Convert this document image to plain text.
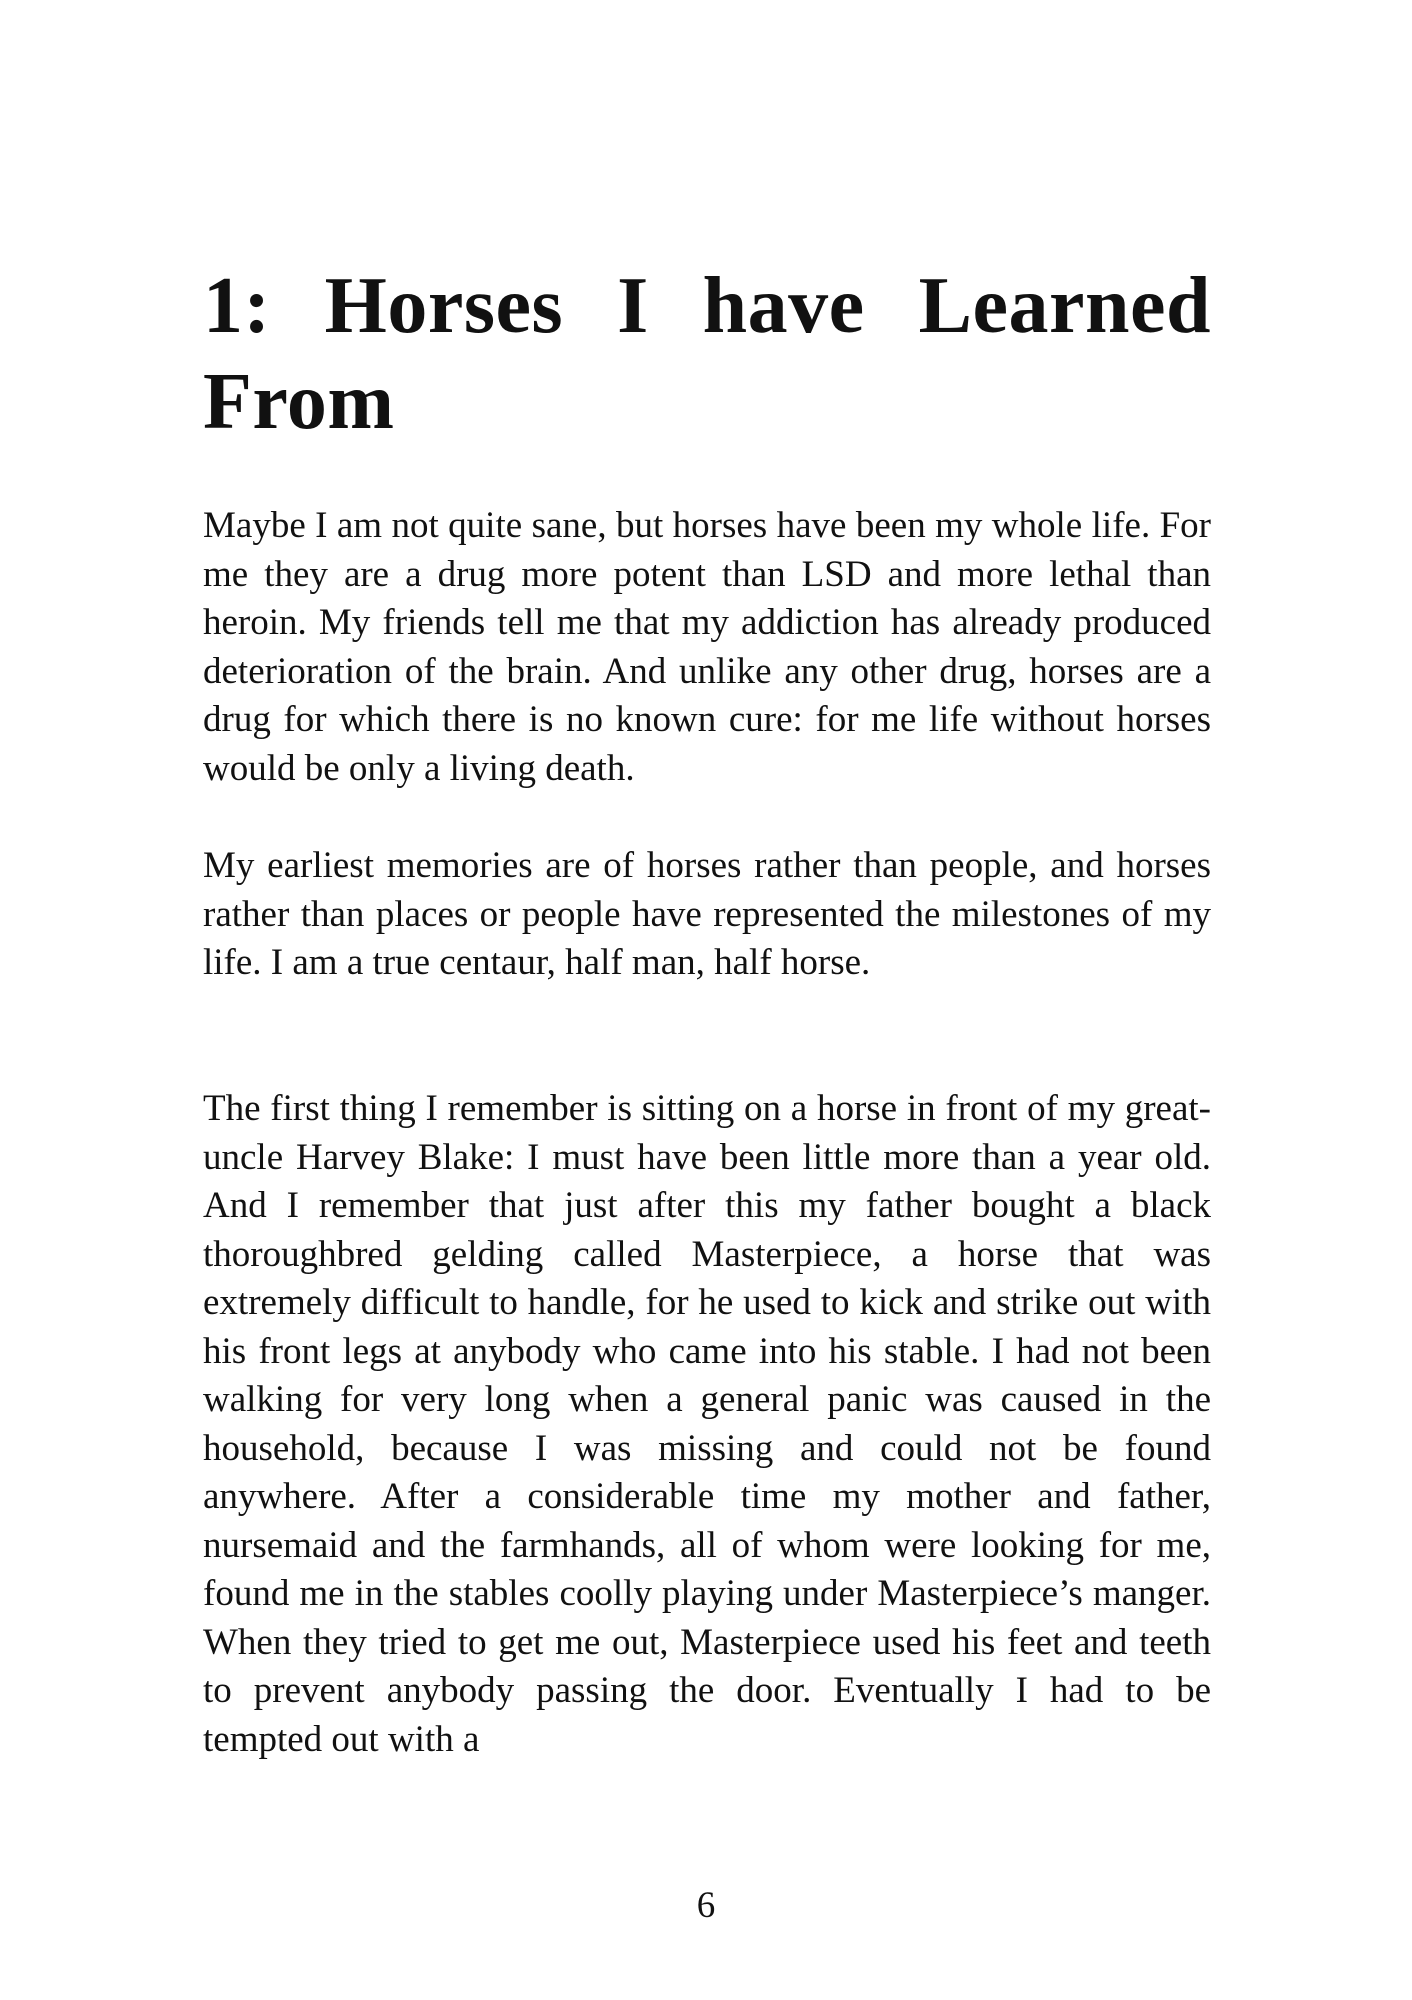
1: Horses I have Learned From

Maybe I am not quite sane, but horses have been my whole life. For me they are a drug more potent than LSD and more lethal than heroin. My friends tell me that my addiction has already produced deterioration of the brain. And unlike any other drug, horses are a drug for which there is no known cure: for me life without horses would be only a living death.

My earliest memories are of horses rather than people, and horses rather than places or people have represented the milestones of my life. I am a true centaur, half man, half horse.

The first thing I remember is sitting on a horse in front of my great-uncle Harvey Blake: I must have been little more than a year old. And I remember that just after this my father bought a black thoroughbred gelding called Masterpiece, a horse that was extremely difficult to handle, for he used to kick and strike out with his front legs at anybody who came into his stable. I had not been walking for very long when a general panic was caused in the household, because I was missing and could not be found anywhere. After a considerable time my mother and father, nursemaid and the farmhands, all of whom were looking for me, found me in the stables coolly playing under Masterpiece’s manger. When they tried to get me out, Masterpiece used his feet and teeth to prevent anybody passing the door. Eventually I had to be tempted out with a

6
